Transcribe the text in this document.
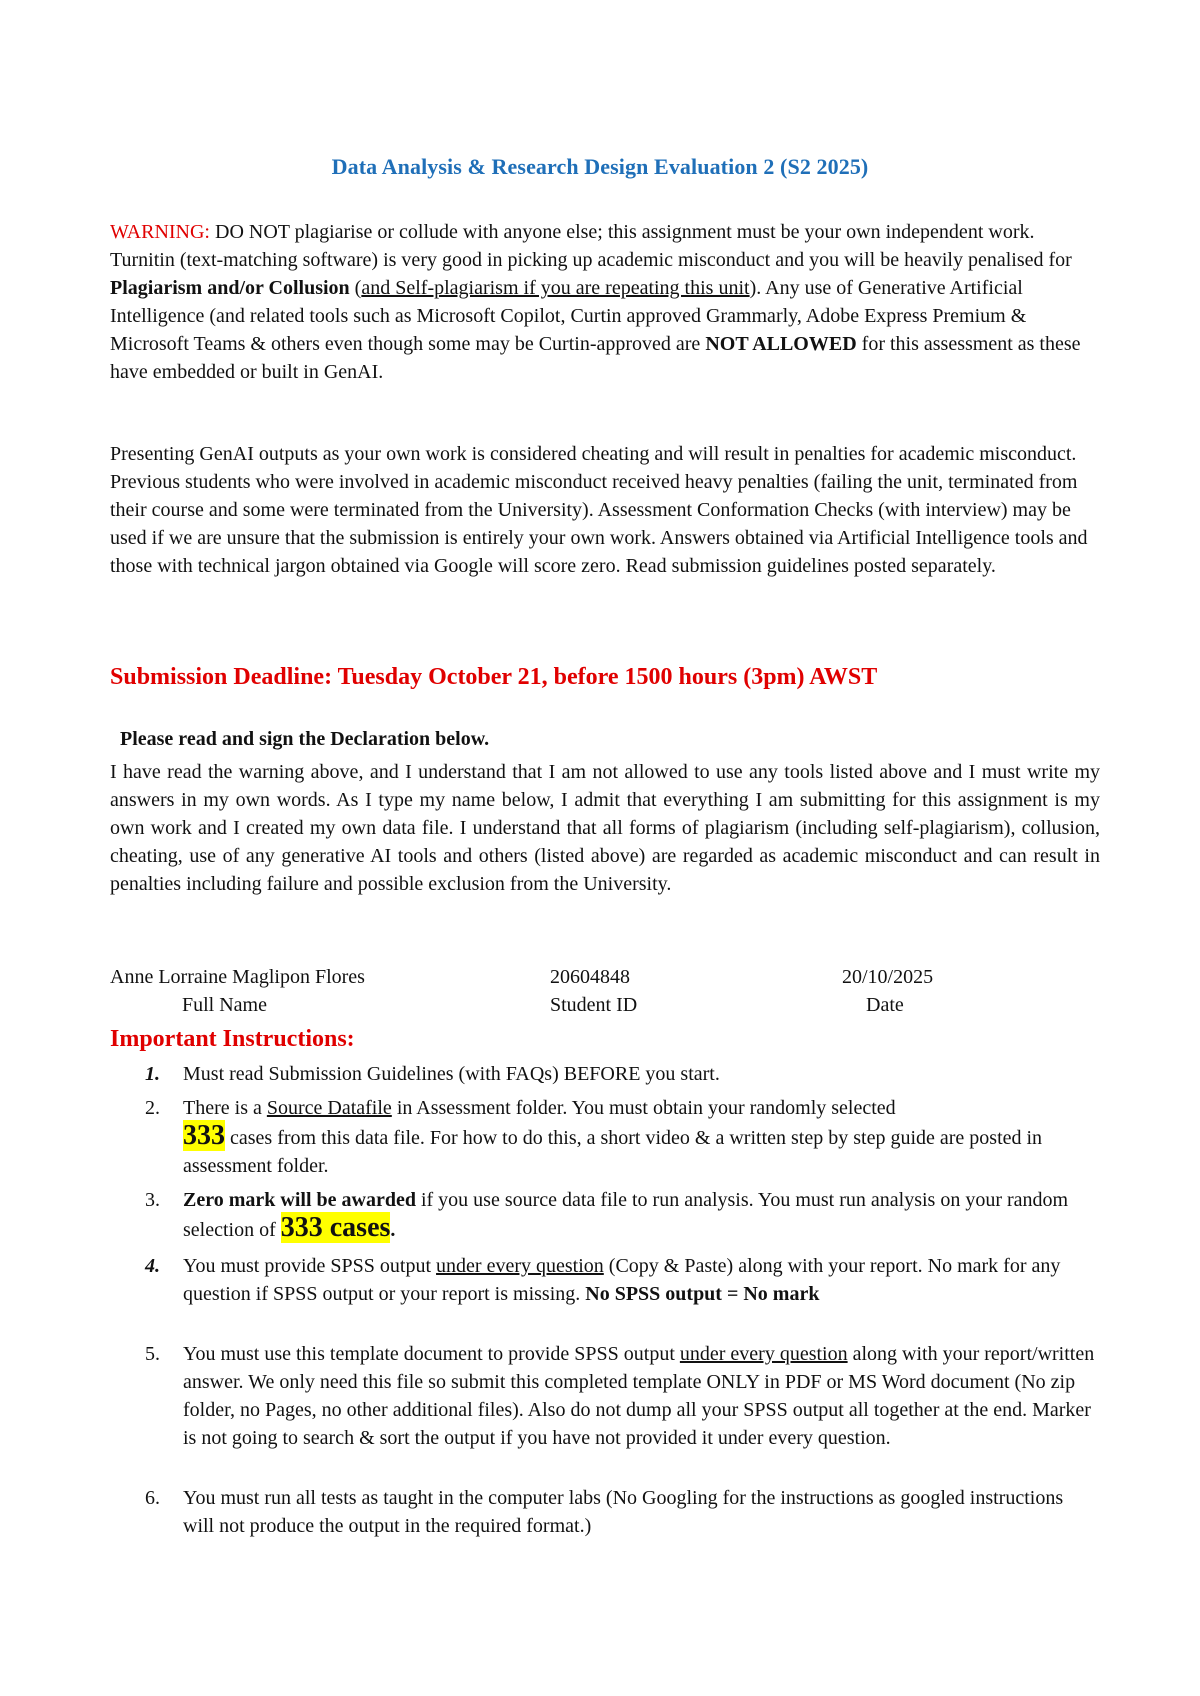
Data Analysis & Research Design Evaluation 2 (S2 2025)
WARNING: DO NOT plagiarise or collude with anyone else; this assignment must be your own independent work. Turnitin (text-matching software) is very good in picking up academic misconduct and you will be heavily penalised for Plagiarism and/or Collusion (and Self-plagiarism if you are repeating this unit). Any use of Generative Artificial Intelligence (and related tools such as Microsoft Copilot, Curtin approved Grammarly, Adobe Express Premium & Microsoft Teams & others even though some may be Curtin-approved are NOT ALLOWED for this assessment as these have embedded or built in GenAI.
Presenting GenAI outputs as your own work is considered cheating and will result in penalties for academic misconduct. Previous students who were involved in academic misconduct received heavy penalties (failing the unit, terminated from their course and some were terminated from the University). Assessment Conformation Checks (with interview) may be used if we are unsure that the submission is entirely your own work. Answers obtained via Artificial Intelligence tools and those with technical jargon obtained via Google will score zero. Read submission guidelines posted separately.
Submission Deadline: Tuesday October 21, before 1500 hours (3pm) AWST
Please read and sign the Declaration below.
I have read the warning above, and I understand that I am not allowed to use any tools listed above and I must write my answers in my own words. As I type my name below, I admit that everything I am submitting for this assignment is my own work and I created my own data file. I understand that all forms of plagiarism (including self-plagiarism), collusion, cheating, use of any generative AI tools and others (listed above) are regarded as academic misconduct and can result in penalties including failure and possible exclusion from the University.
Anne Lorraine Maglipon Flores	20604848	20/10/2025
Full Name	Student ID	Date
Important Instructions:
1.	Must read Submission Guidelines (with FAQs) BEFORE you start.
2.	There is a Source Datafile in Assessment folder. You must obtain your randomly selected
333 cases from this data file. For how to do this, a short video & a written step by step guide are posted in assessment folder.
3.	Zero mark will be awarded if you use source data file to run analysis. You must run analysis on your random selection of 333 cases.
4.	You must provide SPSS output under every question (Copy & Paste) along with your report. No mark for any question if SPSS output or your report is missing. No SPSS output = No mark
5.	You must use this template document to provide SPSS output under every question along with your report/written answer. We only need this file so submit this completed template ONLY in PDF or MS Word document (No zip folder, no Pages, no other additional files). Also do not dump all your SPSS output all together at the end. Marker is not going to search & sort the output if you have not provided it under every question.
6.	You must run all tests as taught in the computer labs (No Googling for the instructions as googled instructions will not produce the output in the required format.)
